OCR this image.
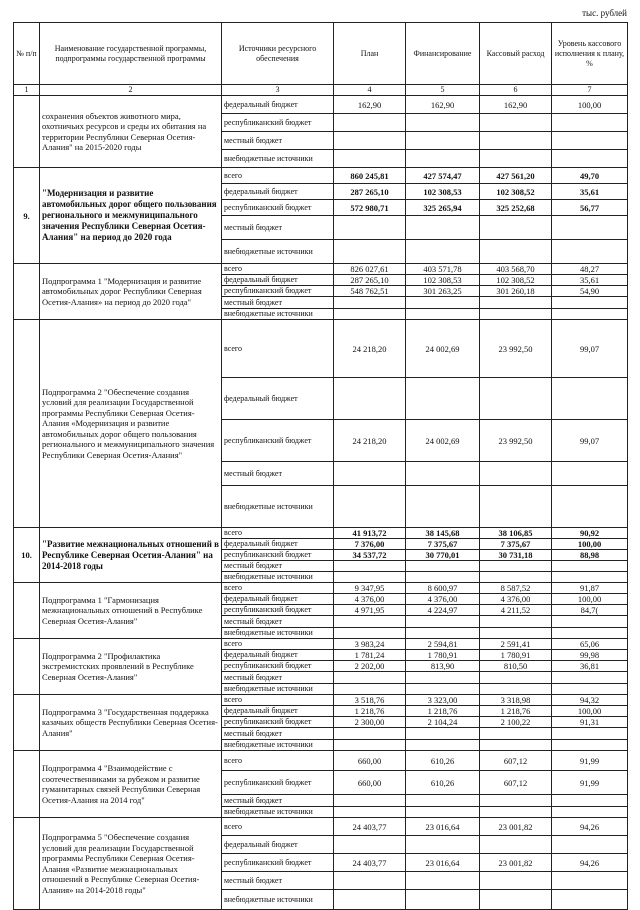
тыс. рублей
№ п/п	Наименование государственной программы, подпрограммы государственной программы	Источники ресурсного обеспечения	План	Финансирование	Кассовый расход	Уровень кассового исполнения к плану, %
1	2	3	4	5	6	7
	сохранения объектов животного мира, охотничьих ресурсов и среды их обитания на территории Республики Северная Осетия-Алания" на 2015-2020 годы	федеральный бюджет	162,90	162,90	162,90	100,00
		республиканский бюджет				
		местный бюджет				
		внебюджетные источники				
9.	"Модернизация и развитие автомобильных дорог общего пользования регионального и межмуниципального значения Республики Северная Осетия-Алания" на период до 2020 года	всего	860 245,81	427 574,47	427 561,20	49,70
		федеральный бюджет	287 265,10	102 308,53	102 308,52	35,61
		республиканский бюджет	572 980,71	325 265,94	325 252,68	56,77
		местный бюджет				
		внебюджетные источники				
	Подпрограмма 1 "Модернизация и развитие автомобильных дорог Республики Северная Осетия-Алания» на период до 2020 года"	всего	826 027,61	403 571,78	403 568,70	48,27
		федеральный бюджет	287 265,10	102 308,53	102 308,52	35,61
		республиканский бюджет	548 762,51	301 263,25	301 260,18	54,90
		местный бюджет				
		внебюджетные источники				
	Подпрограмма 2 "Обеспечение создания условий для реализации Государственной программы Республики Северная Осетия-Алания «Модернизация и развитие автомобильных дорог общего пользования регионального и межмуниципального значения Республики Северная Осетия-Алания"	всего	24 218,20	24 002,69	23 992,50	99,07
		федеральный бюджет				
		республиканский бюджет	24 218,20	24 002,69	23 992,50	99,07
		местный бюджет				
		внебюджетные источники				
10.	"Развитие межнациональных отношений в Республике Северная Осетия-Алания" на 2014-2018 годы	всего	41 913,72	38 145,68	38 106,85	90,92
		федеральный бюджет	7 376,00	7 375,67	7 375,67	100,00
		республиканский бюджет	34 537,72	30 770,01	30 731,18	88,98
		местный бюджет				
		внебюджетные источники				
	Подпрограмма 1 "Гармонизация межнациональных отношений в Республике Северная Осетия-Алания"	всего	9 347,95	8 600,97	8 587,52	91,87
		федеральный бюджет	4 376,00	4 376,00	4 376,00	100,00
		республиканский бюджет	4 971,95	4 224,97	4 211,52	84,7(
		местный бюджет				
		внебюджетные источники				
	Подпрограмма 2 "Профилактика экстремистских проявлений в Республике Северная Осетия-Алания"	всего	3 983,24	2 594,81	2 591,41	65,06
		федеральный бюджет	1 781,24	1 780,91	1 780,91	99,98
		республиканский бюджет	2 202,00	813,90	810,50	36,81
		местный бюджет				
		внебюджетные источники				
	Подпрограмма 3 "Государственная поддержка казачьих обществ Республики Северная Осетия-Алания"	всего	3 518,76	3 323,00	3 318,98	94,32
		федеральный бюджет	1 218,76	1 218,76	1 218,76	100,00
		республиканский бюджет	2 300,00	2 104,24	2 100,22	91,31
		местный бюджет				
		внебюджетные источники				
	Подпрограмма 4 "Взаимодействие с соотечественниками за рубежом и развитие гуманитарных связей Республики Северная Осетия-Алания на 2014 год"	всего	660,00	610,26	607,12	91,99
		республиканский бюджет	660,00	610,26	607,12	91,99
		местный бюджет				
		внебюджетные источники				
	Подпрограмма 5 "Обеспечение создания условий для реализации Государственной программы Республики Северная Осетия-Алания «Развитие межнациональных отношений в Республике Северная Осетия-Алания» на 2014-2018 годы"	всего	24 403,77	23 016,64	23 001,82	94,26
		федеральный бюджет				
		республиканский бюджет	24 403,77	23 016,64	23 001,82	94,26
		местный бюджет				
		внебюджетные источники				
